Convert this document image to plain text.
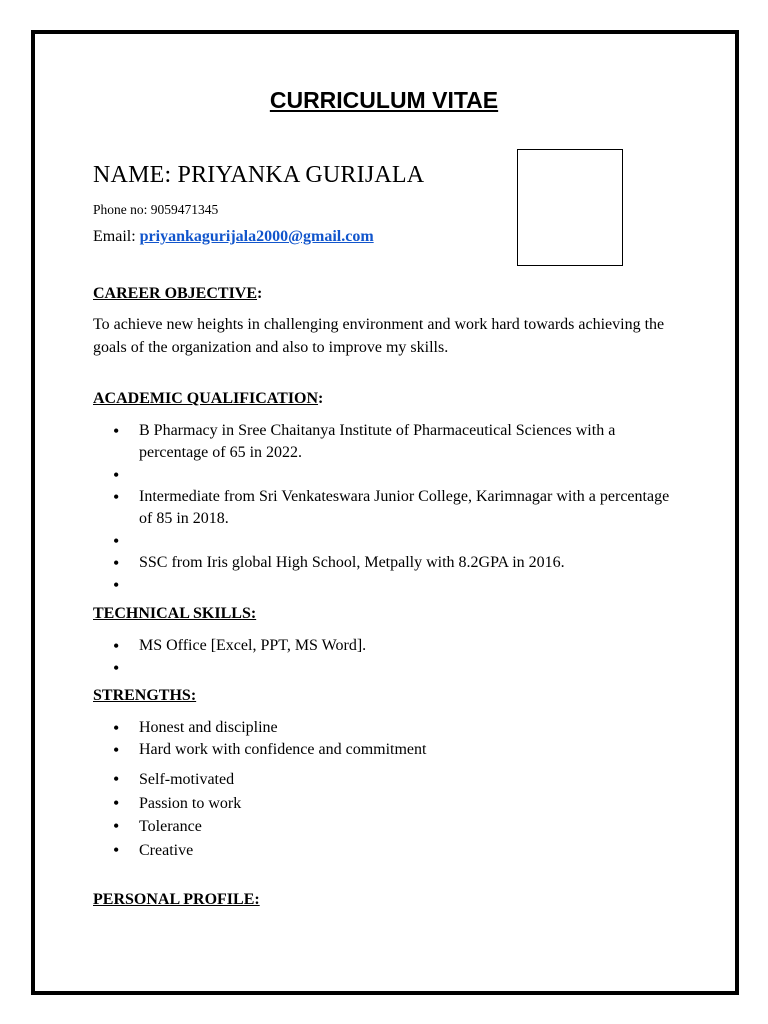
CURRICULUM VITAE
NAME: PRIYANKA GURIJALA
Phone no: 9059471345
Email: priyankagurijala2000@gmail.com
CAREER OBJECTIVE:
To achieve new heights in challenging environment and work hard towards achieving the goals of the organization and also to improve my skills.
ACADEMIC QUALIFICATION:
• B Pharmacy in Sree Chaitanya Institute of Pharmaceutical Sciences with a percentage of 65 in 2022.
•
• Intermediate from Sri Venkateswara Junior College, Karimnagar with a percentage of 85 in 2018.
•
• SSC from Iris global High School, Metpally with 8.2GPA in 2016.
•
TECHNICAL SKILLS:
• MS Office [Excel, PPT, MS Word].
•
STRENGTHS:
• Honest and discipline
• Hard work with confidence and commitment
• Self-motivated
• Passion to work
• Tolerance
• Creative
PERSONAL PROFILE:
